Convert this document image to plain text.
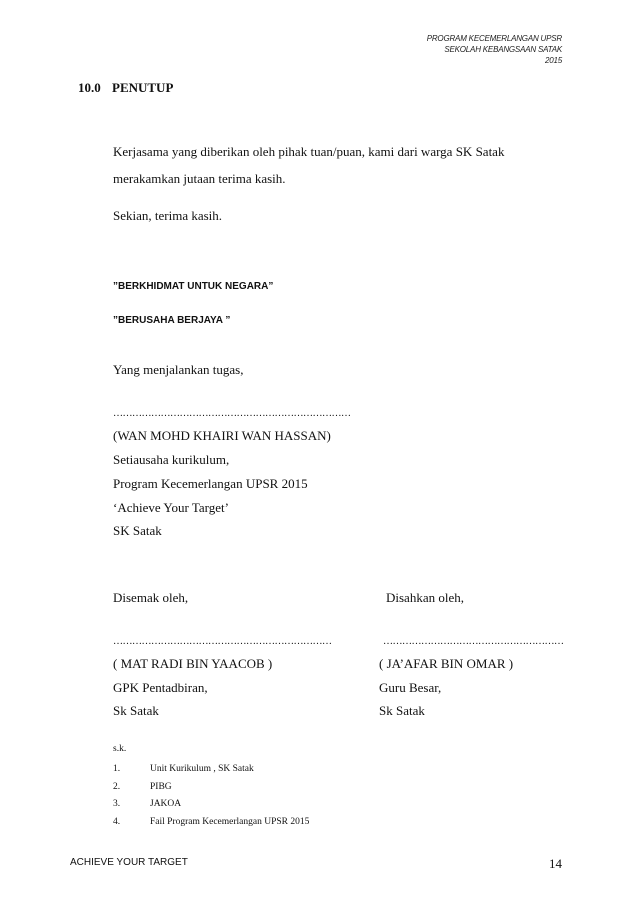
PROGRAM KECEMERLANGAN UPSR
SEKOLAH KEBANGSAAN SATAK
2015
10.0 PENUTUP
Kerjasama yang diberikan oleh pihak tuan/puan, kami dari warga SK Satak
merakamkan jutaan terima kasih.
Sekian, terima kasih.
”BERKHIDMAT UNTUK NEGARA”
”BERUSAHA BERJAYA ”
Yang menjalankan tugas,
…………………………………………………………………
(WAN MOHD KHAIRI WAN HASSAN)
Setiausaha kurikulum,
Program Kecemerlangan UPSR 2015
‘Achieve Your Target’
SK Satak
Disemak oleh,
……………………………………………………………
( MAT RADI BIN YAACOB )
GPK Pentadbiran,
Sk Satak
Disahkan oleh,
…………………………………………………
( JA’AFAR BIN OMAR )
Guru Besar,
Sk Satak
s.k.
1.	Unit Kurikulum , SK Satak
2.	PIBG
3.	JAKOA
4.	Fail Program Kecemerlangan UPSR 2015
ACHIEVE YOUR TARGET	14
